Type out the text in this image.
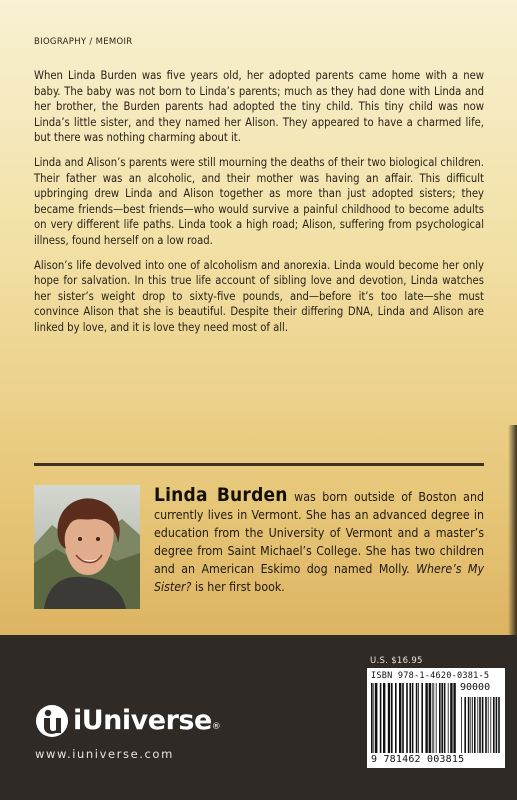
BIOGRAPHY / MEMOIR

When Linda Burden was five years old, her adopted parents came home with a new baby. The baby was not born to Linda’s parents; much as they had done with Linda and her brother, the Burden parents had adopted the tiny child. This tiny child was now Linda’s little sister, and they named her Alison. They appeared to have a charmed life, but there was nothing charming about it.

Linda and Alison’s parents were still mourning the deaths of their two biological children. Their father was an alcoholic, and their mother was having an affair. This difficult upbringing drew Linda and Alison together as more than just adopted sisters; they became friends—best friends—who would survive a painful childhood to become adults on very different life paths. Linda took a high road; Alison, suffering from psychological illness, found herself on a low road.

Alison’s life devolved into one of alcoholism and anorexia. Linda would become her only hope for salvation. In this true life account of sibling love and devotion, Linda watches her sister’s weight drop to sixty-five pounds, and—before it’s too late—she must convince Alison that she is beautiful. Despite their differing DNA, Linda and Alison are linked by love, and it is love they need most of all.

Linda Burden was born outside of Boston and currently lives in Vermont. She has an advanced degree in education from the University of Vermont and a master’s degree from Saint Michael’s College. She has two children and an American Eskimo dog named Molly. Where’s My Sister? is her first book.
U.S. $16.95
ISBN 978-1-4620-0381-5
90000
9 781462 003815
iUniverse®
www.iuniverse.com
